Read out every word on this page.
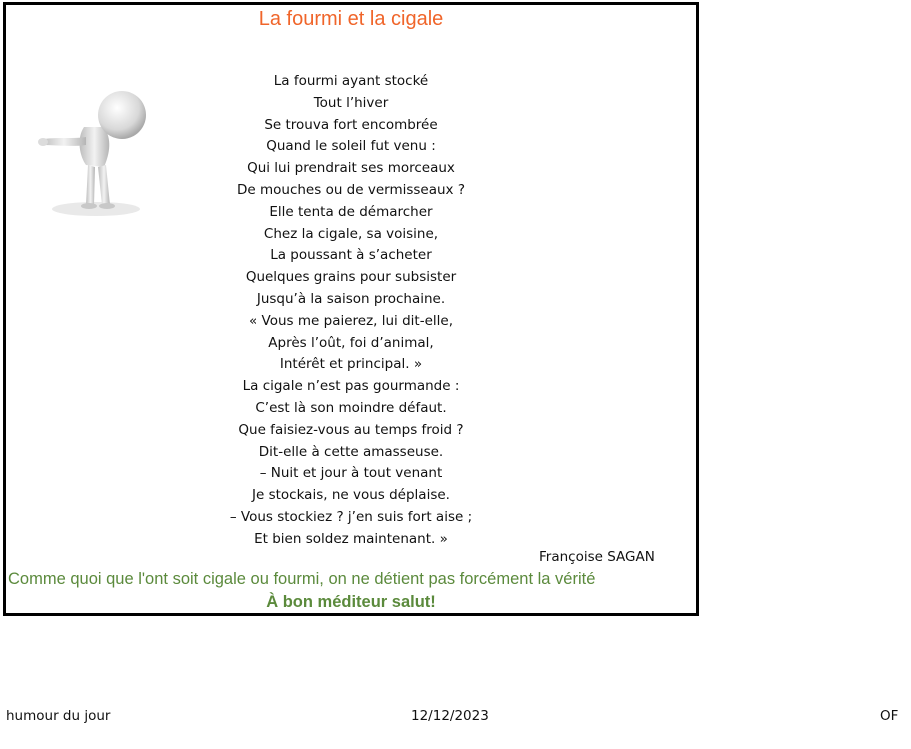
La fourmi et la cigale
La fourmi ayant stocké
Tout l’hiver
Se trouva fort encombrée
Quand le soleil fut venu :
Qui lui prendrait ses morceaux
De mouches ou de vermisseaux ?
Elle tenta de démarcher
Chez la cigale, sa voisine,
La poussant à s’acheter
Quelques grains pour subsister
Jusqu’à la saison prochaine.
« Vous me paierez, lui dit-elle,
Après l’oût, foi d’animal,
Intérêt et principal. »
La cigale n’est pas gourmande :
C’est là son moindre défaut.
Que faisiez-vous au temps froid ?
Dit-elle à cette amasseuse.
– Nuit et jour à tout venant
Je stockais, ne vous déplaise.
– Vous stockiez ? j’en suis fort aise ;
Et bien soldez maintenant. »
Françoise SAGAN
Comme quoi que l'ont soit cigale ou fourmi, on ne détient pas forcément la vérité
À bon méditeur salut!
humour du jour	12/12/2023	OF
